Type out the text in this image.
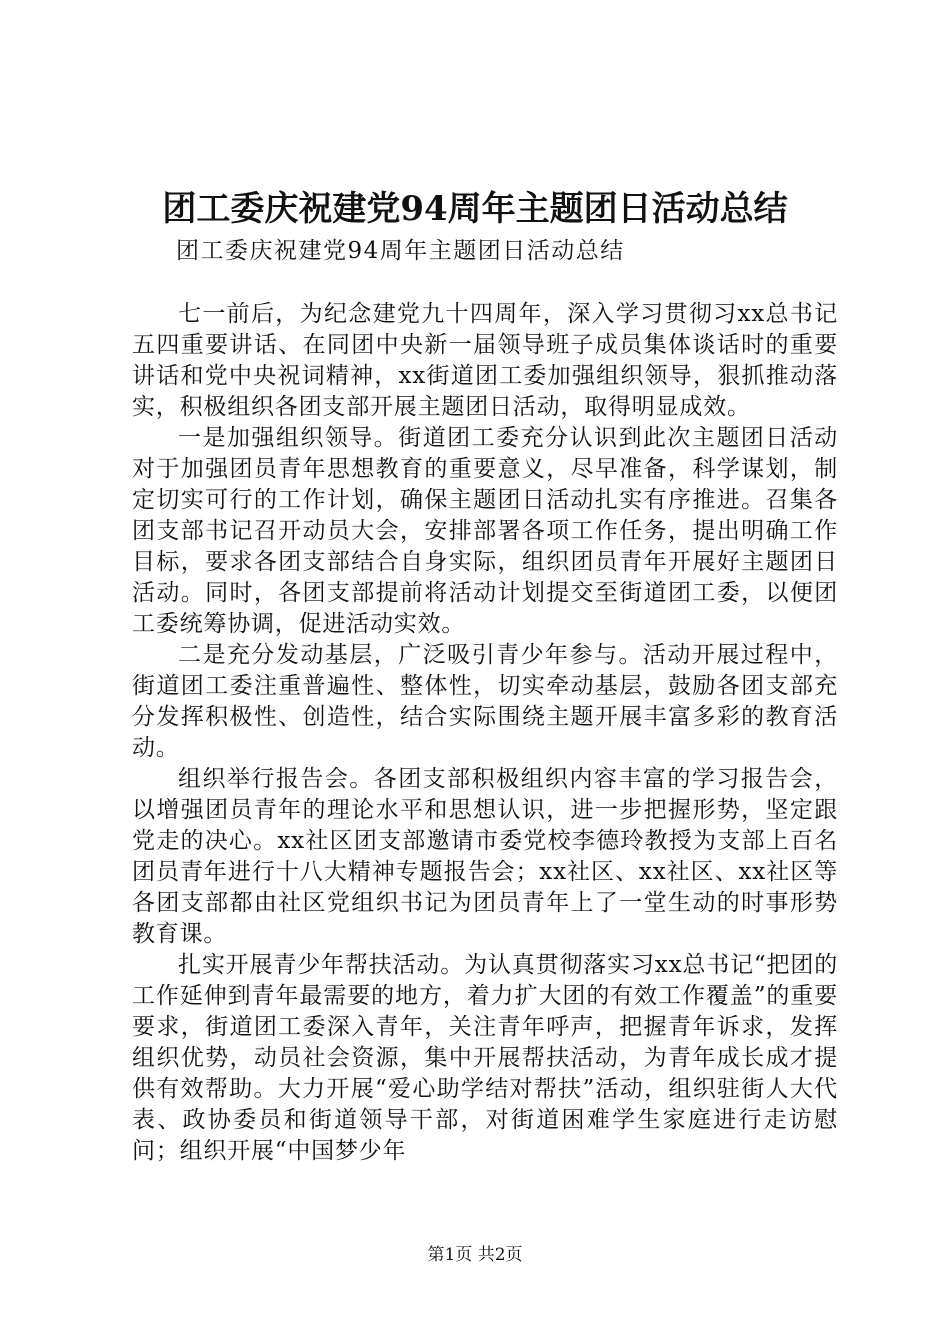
团工委庆祝建党94周年主题团日活动总结
团工委庆祝建党94周年主题团日活动总结

七一前后，为纪念建党九十四周年，深入学习贯彻习xx总书记五四重要讲话、在同团中央新一届领导班子成员集体谈话时的重要讲话和党中央祝词精神，xx街道团工委加强组织领导，狠抓推动落实，积极组织各团支部开展主题团日活动，取得明显成效。

一是加强组织领导。街道团工委充分认识到此次主题团日活动对于加强团员青年思想教育的重要意义，尽早准备，科学谋划，制定切实可行的工作计划，确保主题团日活动扎实有序推进。召集各团支部书记召开动员大会，安排部署各项工作任务，提出明确工作目标，要求各团支部结合自身实际，组织团员青年开展好主题团日活动。同时，各团支部提前将活动计划提交至街道团工委，以便团工委统筹协调，促进活动实效。

二是充分发动基层，广泛吸引青少年参与。活动开展过程中，街道团工委注重普遍性、整体性，切实牵动基层，鼓励各团支部充分发挥积极性、创造性，结合实际围绕主题开展丰富多彩的教育活动。

组织举行报告会。各团支部积极组织内容丰富的学习报告会，以增强团员青年的理论水平和思想认识，进一步把握形势，坚定跟党走的决心。xx社区团支部邀请市委党校李德玲教授为支部上百名团员青年进行十八大精神专题报告会；xx社区、xx社区、xx社区等各团支部都由社区党组织书记为团员青年上了一堂生动的时事形势教育课。

扎实开展青少年帮扶活动。为认真贯彻落实习xx总书记“把团的工作延伸到青年最需要的地方，着力扩大团的有效工作覆盖”的重要要求，街道团工委深入青年，关注青年呼声，把握青年诉求，发挥组织优势，动员社会资源，集中开展帮扶活动，为青年成长成才提供有效帮助。大力开展“爱心助学结对帮扶”活动，组织驻街人大代表、政协委员和街道领导干部，对街道困难学生家庭进行走访慰问；组织开展“中国梦少年

第1页 共2页
